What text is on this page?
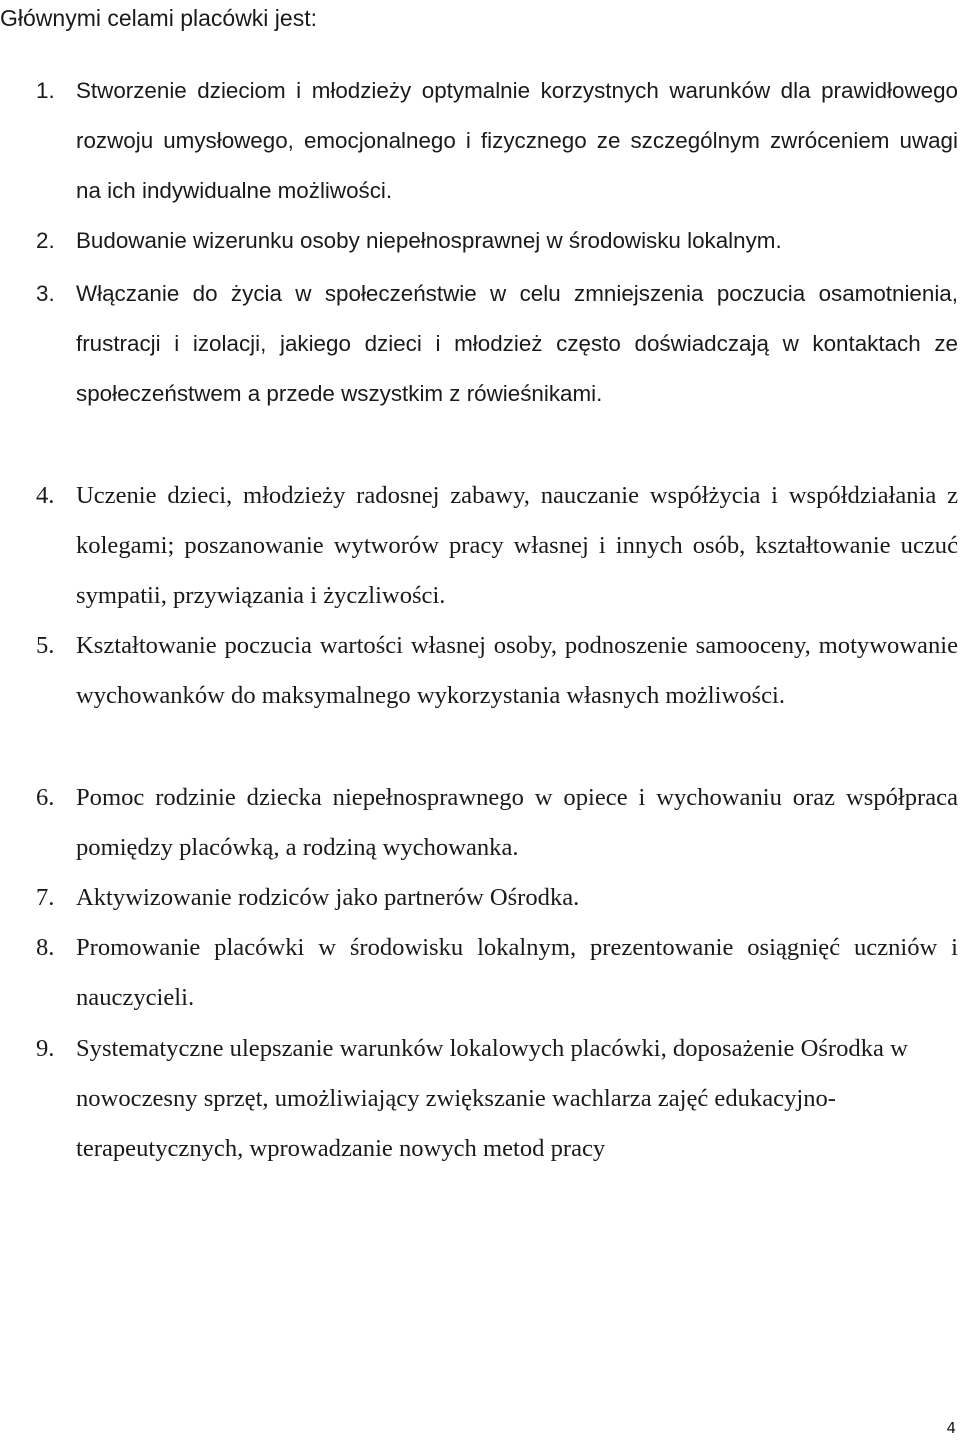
Głównymi celami placówki jest:
1. Stworzenie dzieciom i młodzieży optymalnie korzystnych warunków dla prawidłowego rozwoju umysłowego, emocjonalnego i fizycznego ze szczególnym zwróceniem uwagi na ich indywidualne możliwości.
2. Budowanie wizerunku osoby niepełnosprawnej w środowisku lokalnym.
3. Włączanie do życia w społeczeństwie w celu zmniejszenia poczucia osamotnienia, frustracji i izolacji, jakiego dzieci i młodzież często doświadczają w kontaktach ze społeczeństwem a przede wszystkim z rówieśnikami.
4. Uczenie dzieci, młodzieży radosnej zabawy, nauczanie współżycia i współdziałania z kolegami; poszanowanie wytworów pracy własnej i innych osób, kształtowanie uczuć sympatii, przywiązania i życzliwości.
5. Kształtowanie poczucia wartości własnej osoby, podnoszenie samooceny, motywowanie wychowanków do maksymalnego wykorzystania własnych możliwości.
6. Pomoc rodzinie dziecka niepełnosprawnego w opiece i wychowaniu oraz współpraca pomiędzy placówką, a rodziną wychowanka.
7. Aktywizowanie rodziców jako partnerów Ośrodka.
8. Promowanie placówki w środowisku lokalnym, prezentowanie osiągnięć uczniów i nauczycieli.
9. Systematyczne ulepszanie warunków lokalowych placówki, doposażenie Ośrodka w nowoczesny sprzęt, umożliwiający zwiększanie wachlarza zajęć edukacyjno-terapeutycznych, wprowadzanie nowych metod pracy
4
